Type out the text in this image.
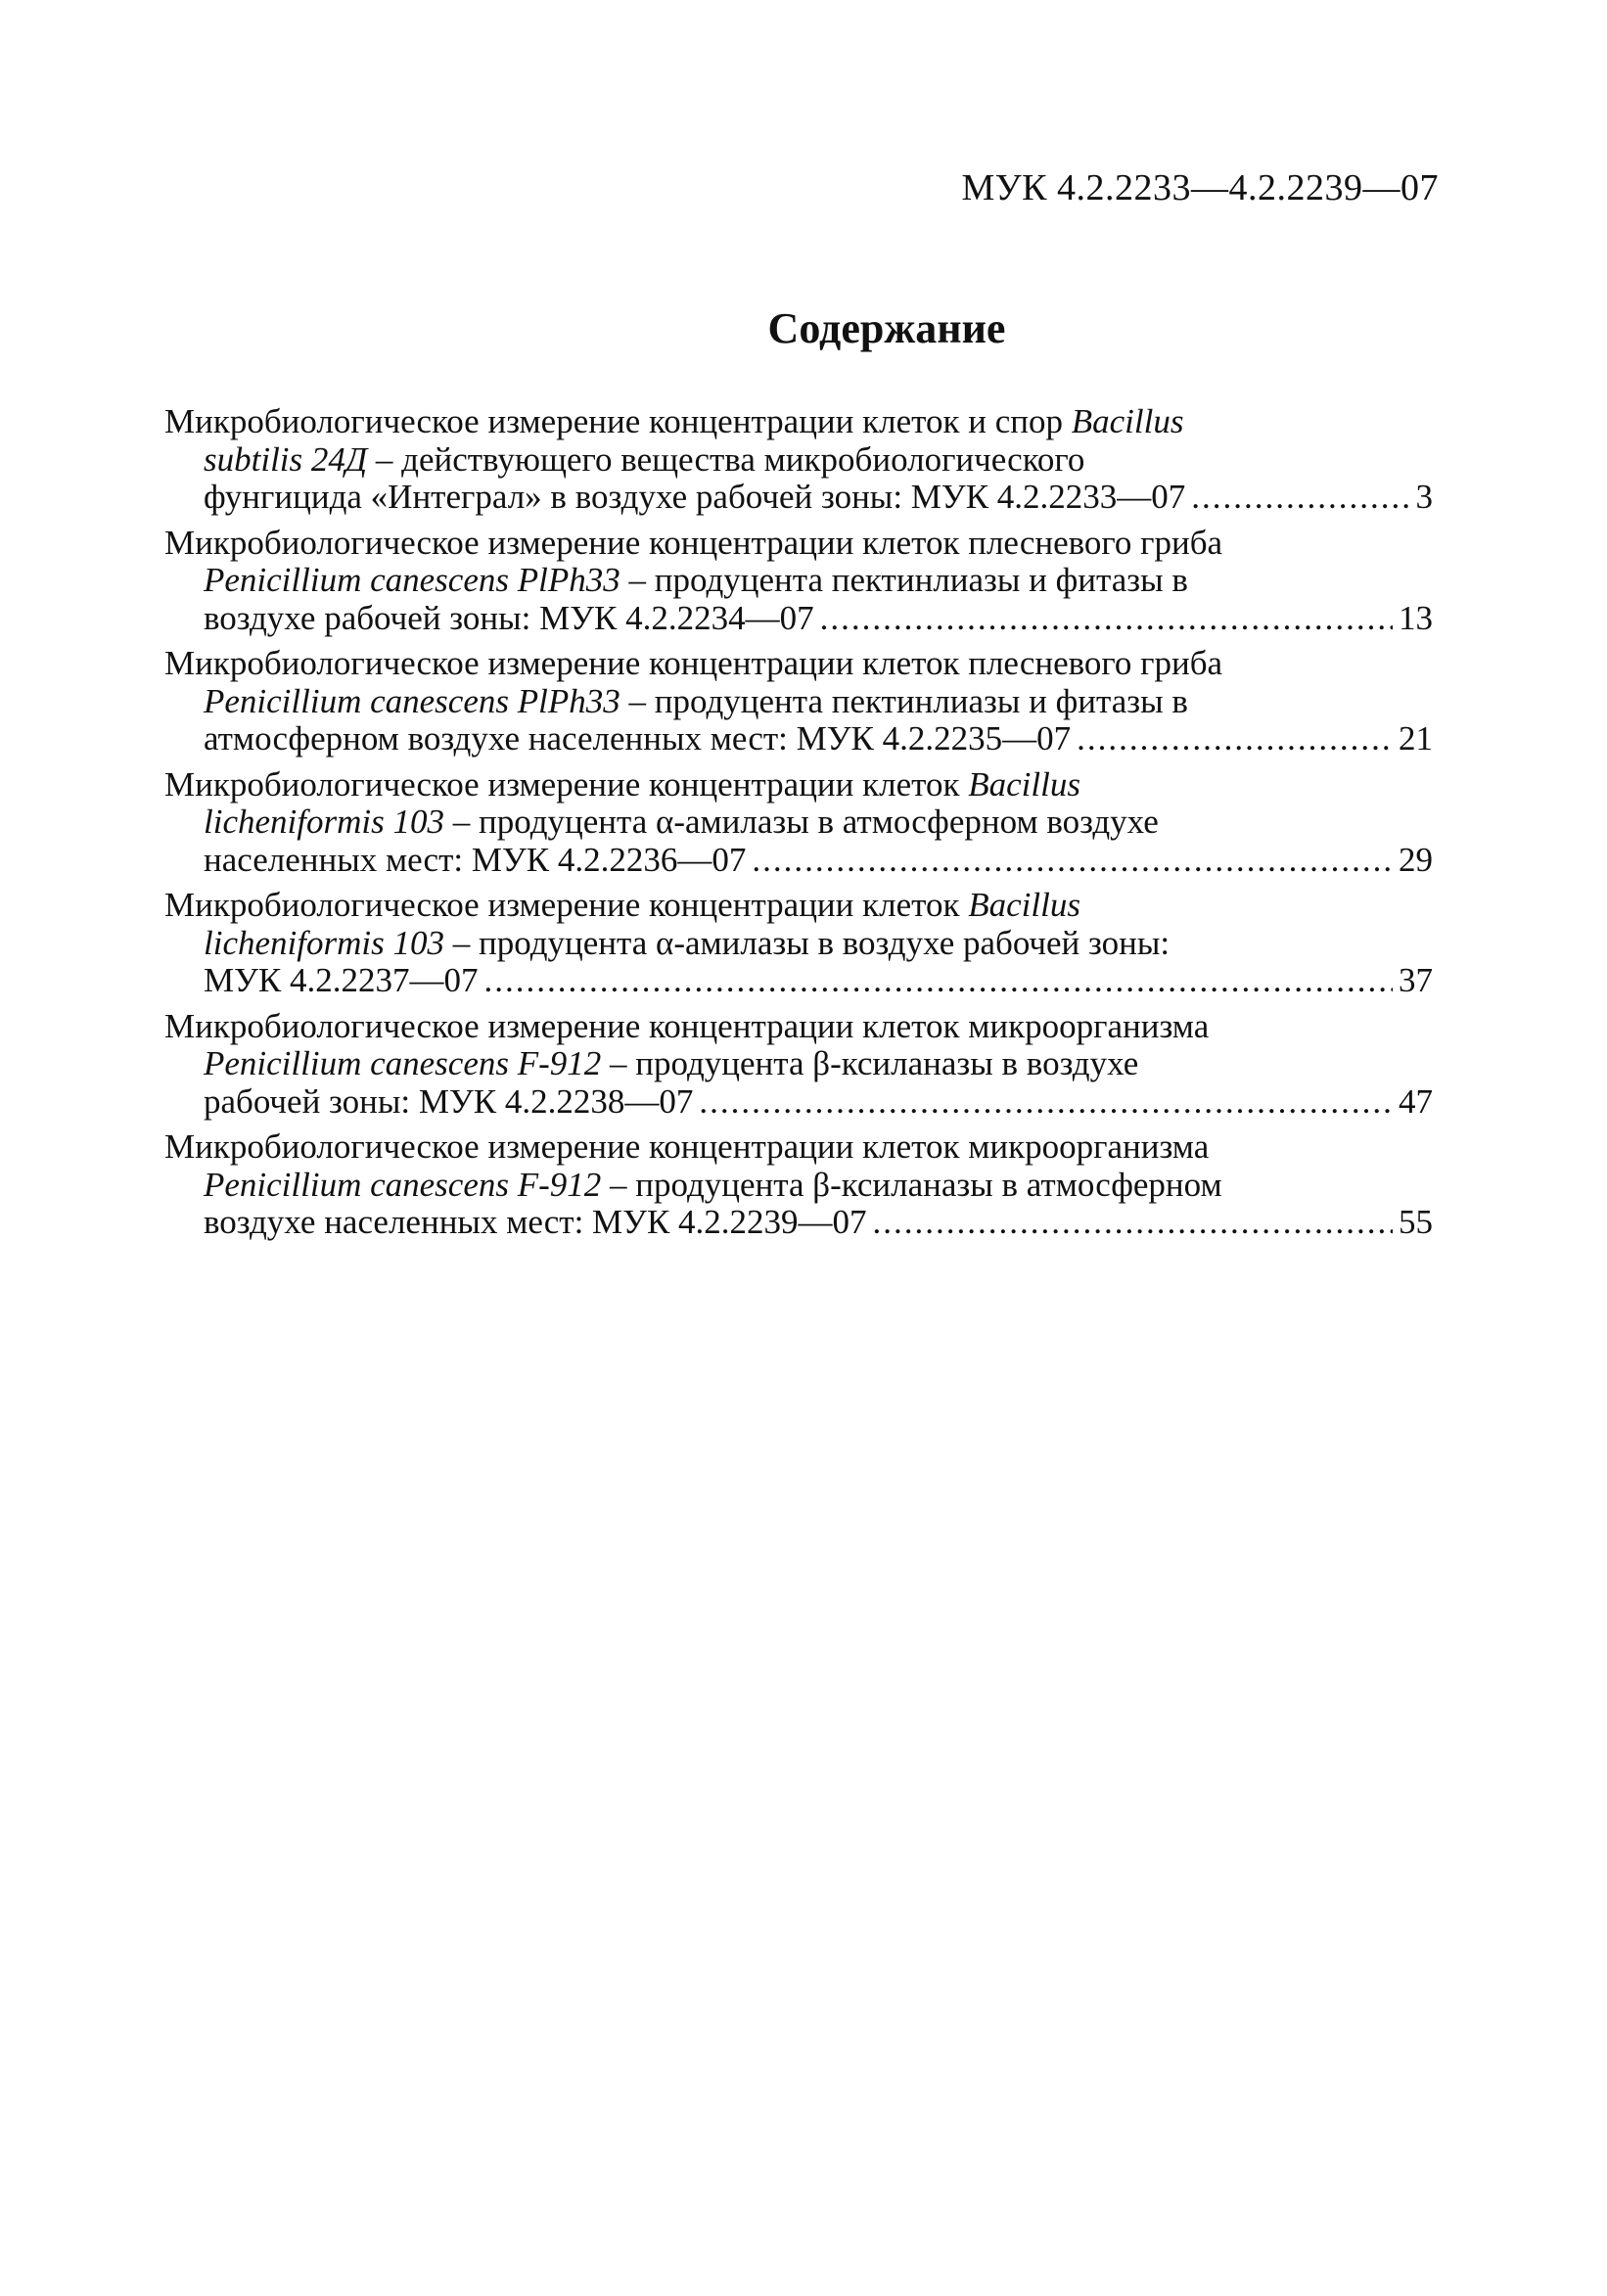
МУК 4.2.2233—4.2.2239—07
Содержание
Микробиологическое измерение концентрации клеток и спор Bacillus
subtilis 24Д – действующего вещества микробиологического
фунгицида «Интеграл» в воздухе рабочей зоны: МУК 4.2.2233—07 .....	3
Микробиологическое измерение концентрации клеток плесневого гриба
Penicillium canescens PlPh33 – продуцента пектинлиазы и фитазы в
воздухе рабочей зоны: МУК 4.2.2234—07 .....	13
Микробиологическое измерение концентрации клеток плесневого гриба
Penicillium canescens PlPh33 – продуцента пектинлиазы и фитазы в
атмосферном воздухе населенных мест: МУК 4.2.2235—07 .....	21
Микробиологическое измерение концентрации клеток Bacillus
licheniformis 103 – продуцента α-амилазы в атмосферном воздухе
населенных мест: МУК 4.2.2236—07 .....	29
Микробиологическое измерение концентрации клеток Bacillus
licheniformis 103 – продуцента α-амилазы в воздухе рабочей зоны:
МУК 4.2.2237—07 .....	37
Микробиологическое измерение концентрации клеток микроорганизма
Penicillium canescens F-912 – продуцента β-ксиланазы в воздухе
рабочей зоны: МУК 4.2.2238—07 .....	47
Микробиологическое измерение концентрации клеток микроорганизма
Penicillium canescens F-912 – продуцента β-ксиланазы в атмосферном
воздухе населенных мест: МУК 4.2.2239—07 .....	55
